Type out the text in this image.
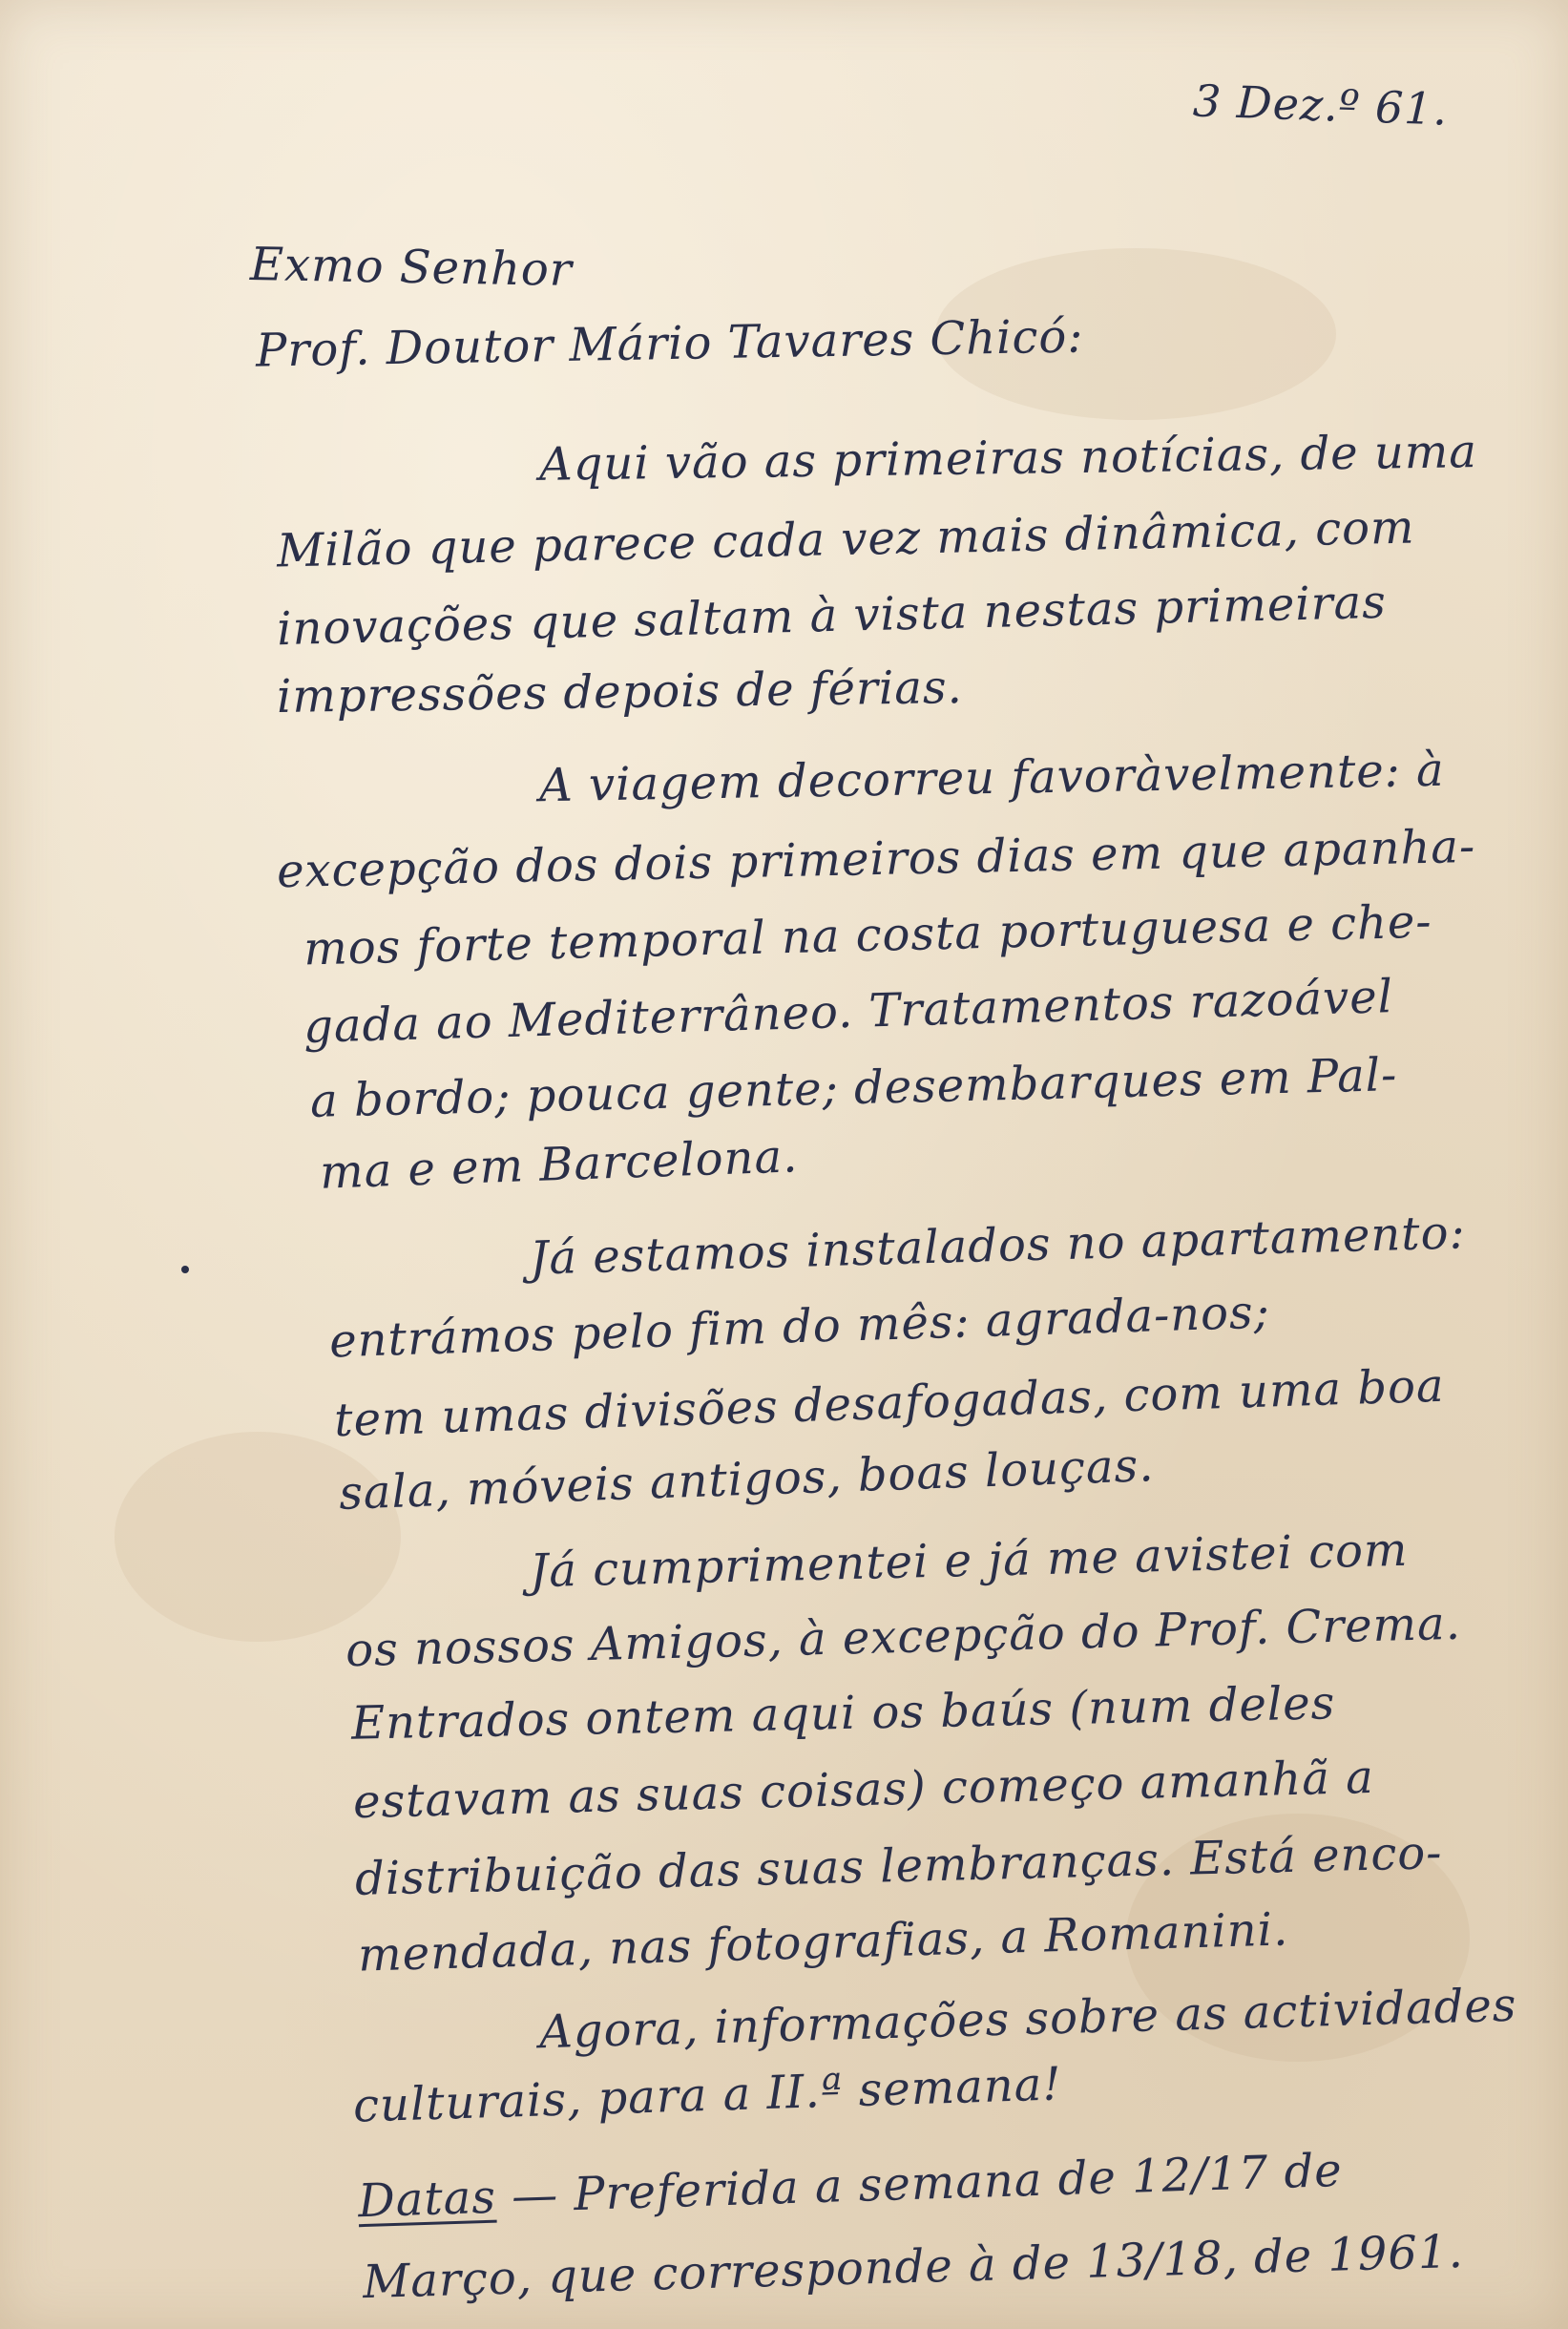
3 Dez.º 61.
Exmo Senhor
Prof. Doutor Mário Tavares Chicó:
Aqui vão as primeiras notícias, de uma
Milão que parece cada vez mais dinâmica, com
inovações que saltam à vista nestas primeiras
impressões depois de férias.
A viagem decorreu favoràvelmente: à
excepção dos dois primeiros dias em que apanha-
mos forte temporal na costa portuguesa e che-
gada ao Mediterrâneo. Tratamentos razoável
a bordo; pouca gente; desembarques em Pal-
ma e em Barcelona.
Já estamos instalados no apartamento:
entrámos pelo fim do mês: agrada-nos;
tem umas divisões desafogadas, com uma boa
sala, móveis antigos, boas louças.
Já cumprimentei e já me avistei com
os nossos Amigos, à excepção do Prof. Crema.
Entrados ontem aqui os baús (num deles
estavam as suas coisas) começo amanhã a
distribuição das suas lembranças. Está enco-
mendada, nas fotografias, a Romanini.
Agora, informações sobre as actividades
culturais, para a II.ª semana!
Datas — Preferida a semana de 12/17 de
Março, que corresponde à de 13/18, de 1961.
